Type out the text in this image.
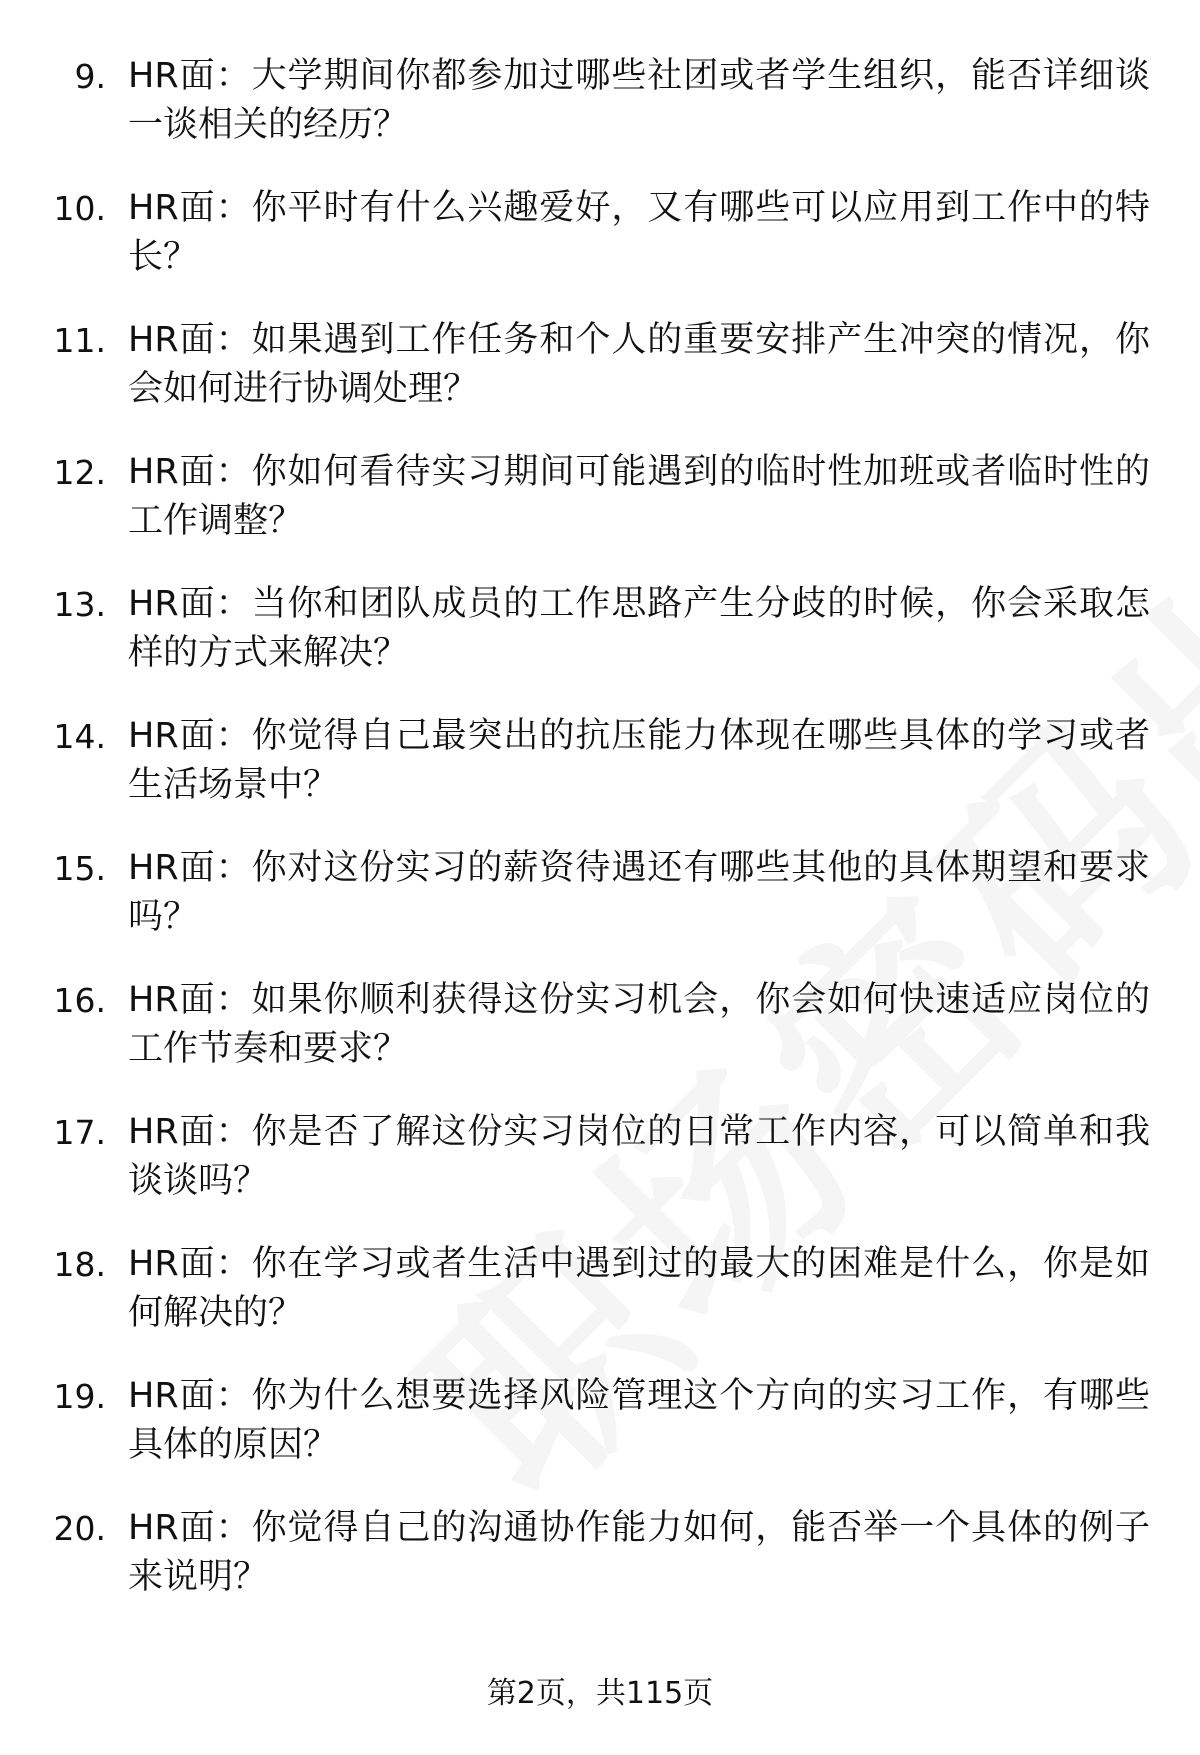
9. HR面：大学期间你都参加过哪些社团或者学生组织，能否详细谈一谈相关的经历？
10. HR面：你平时有什么兴趣爱好，又有哪些可以应用到工作中的特长？
11. HR面：如果遇到工作任务和个人的重要安排产生冲突的情况，你会如何进行协调处理？
12. HR面：你如何看待实习期间可能遇到的临时性加班或者临时性的工作调整？
13. HR面：当你和团队成员的工作思路产生分歧的时候，你会采取怎样的方式来解决？
14. HR面：你觉得自己最突出的抗压能力体现在哪些具体的学习或者生活场景中？
15. HR面：你对这份实习的薪资待遇还有哪些其他的具体期望和要求吗？
16. HR面：如果你顺利获得这份实习机会，你会如何快速适应岗位的工作节奏和要求？
17. HR面：你是否了解这份实习岗位的日常工作内容，可以简单和我谈谈吗？
18. HR面：你在学习或者生活中遇到过的最大的困难是什么，你是如何解决的？
19. HR面：你为什么想要选择风险管理这个方向的实习工作，有哪些具体的原因？
20. HR面：你觉得自己的沟通协作能力如何，能否举一个具体的例子来说明？
第2页，共115页
